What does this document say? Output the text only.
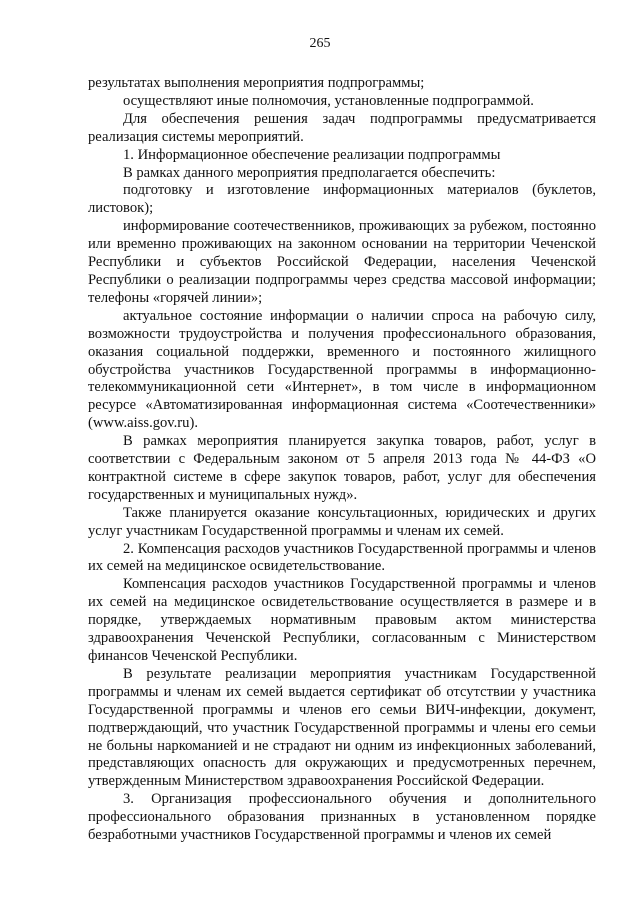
265

результатах выполнения мероприятия подпрограммы;

осуществляют иные полномочия, установленные подпрограммой.

Для обеспечения решения задач подпрограммы предусматривается реализация системы мероприятий.

1. Информационное обеспечение реализации подпрограммы

В рамках данного мероприятия предполагается обеспечить:

подготовку и изготовление информационных материалов (буклетов, листовок);

информирование соотечественников, проживающих за рубежом, постоянно или временно проживающих на законном основании на территории Чеченской Республики и субъектов Российской Федерации, населения Чеченской Республики о реализации подпрограммы через средства массовой информации; телефоны «горячей линии»;

актуальное состояние информации о наличии спроса на рабочую силу, возможности трудоустройства и получения профессионального образования, оказания социальной поддержки, временного и постоянного жилищного обустройства участников Государственной программы в информационно-телекоммуникационной сети «Интернет», в том числе в информационном ресурсе «Автоматизированная информационная система «Соотечественники» (www.aiss.gov.ru).

В рамках мероприятия планируется закупка товаров, работ, услуг в соответствии с Федеральным законом от 5 апреля 2013 года № 44-ФЗ «О контрактной системе в сфере закупок товаров, работ, услуг для обеспечения государственных и муниципальных нужд».

Также планируется оказание консультационных, юридических и других услуг участникам Государственной программы и членам их семей.

2. Компенсация расходов участников Государственной программы и членов их семей на медицинское освидетельствование.

Компенсация расходов участников Государственной программы и членов их семей на медицинское освидетельствование осуществляется в размере и в порядке, утверждаемых нормативным правовым актом министерства здравоохранения Чеченской Республики, согласованным с Министерством финансов Чеченской Республики.

В результате реализации мероприятия участникам Государственной программы и членам их семей выдается сертификат об отсутствии у участника Государственной программы и членов его семьи ВИЧ-инфекции, документ, подтверждающий, что участник Государственной программы и члены его семьи не больны наркоманией и не страдают ни одним из инфекционных заболеваний, представляющих опасность для окружающих и предусмотренных перечнем, утвержденным Министерством здравоохранения Российской Федерации.

3. Организация профессионального обучения и дополнительного профессионального образования признанных в установленном порядке безработными участников Государственной программы и членов их семей
